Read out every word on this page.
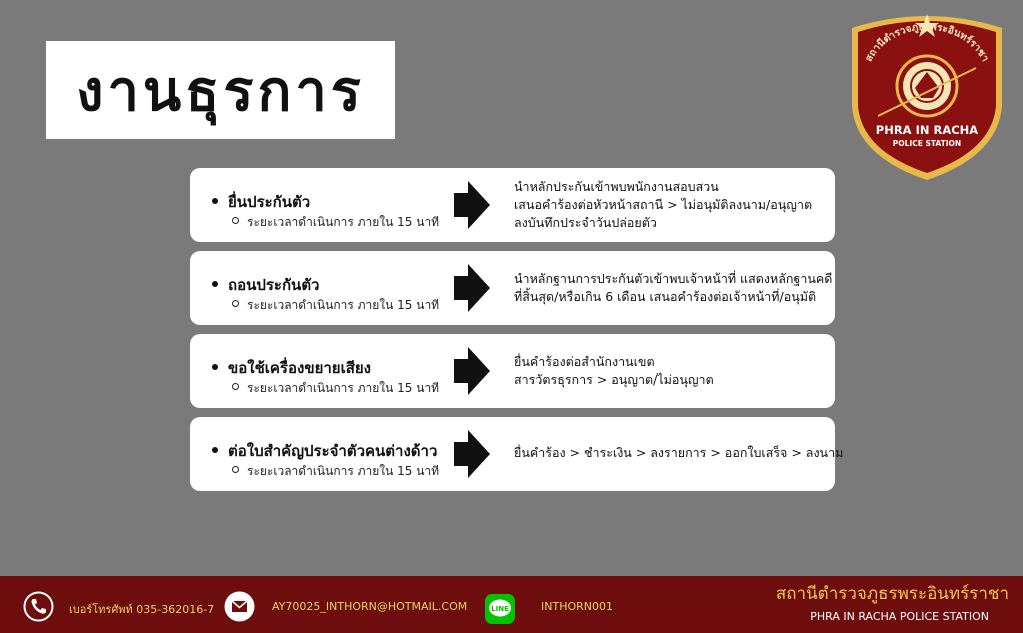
งานธุรการ
สถานีตำรวจภูธรพระอินทร์ราชา
PHRA IN RACHA
POLICE STATION
ยื่นประกันตัว
ระยะเวลาดำเนินการ ภายใน 15 นาที
นำหลักประกันเข้าพบพนักงานสอบสวน
เสนอคำร้องต่อหัวหน้าสถานี > ไม่อนุมัติลงนาม/อนุญาต
ลงบันทึกประจำวันปล่อยตัว
ถอนประกันตัว
ระยะเวลาดำเนินการ ภายใน 15 นาที
นำหลักฐานการประกันตัวเข้าพบเจ้าหน้าที่ แสดงหลักฐานคดี
ที่สิ้นสุด/หรือเกิน 6 เดือน เสนอคำร้องต่อเจ้าหน้าที่/อนุมัติ
ขอใช้เครื่องขยายเสียง
ระยะเวลาดำเนินการ ภายใน 15 นาที
ยื่นคำร้องต่อสำนักงานเขต
สารวัตรธุรการ > อนุญาต/ไม่อนุญาต
ต่อใบสำคัญประจำตัวคนต่างด้าว
ระยะเวลาดำเนินการ ภายใน 15 นาที
ยื่นคำร้อง > ชำระเงิน > ลงรายการ > ออกใบเสร็จ > ลงนาม
เบอร์โทรศัพท์ 035-362016-7	AY70025_INTHORN@HOTMAIL.COM	LINE	INTHORN001
สถานีตำรวจภูธรพระอินทร์ราชา
PHRA IN RACHA POLICE STATION
